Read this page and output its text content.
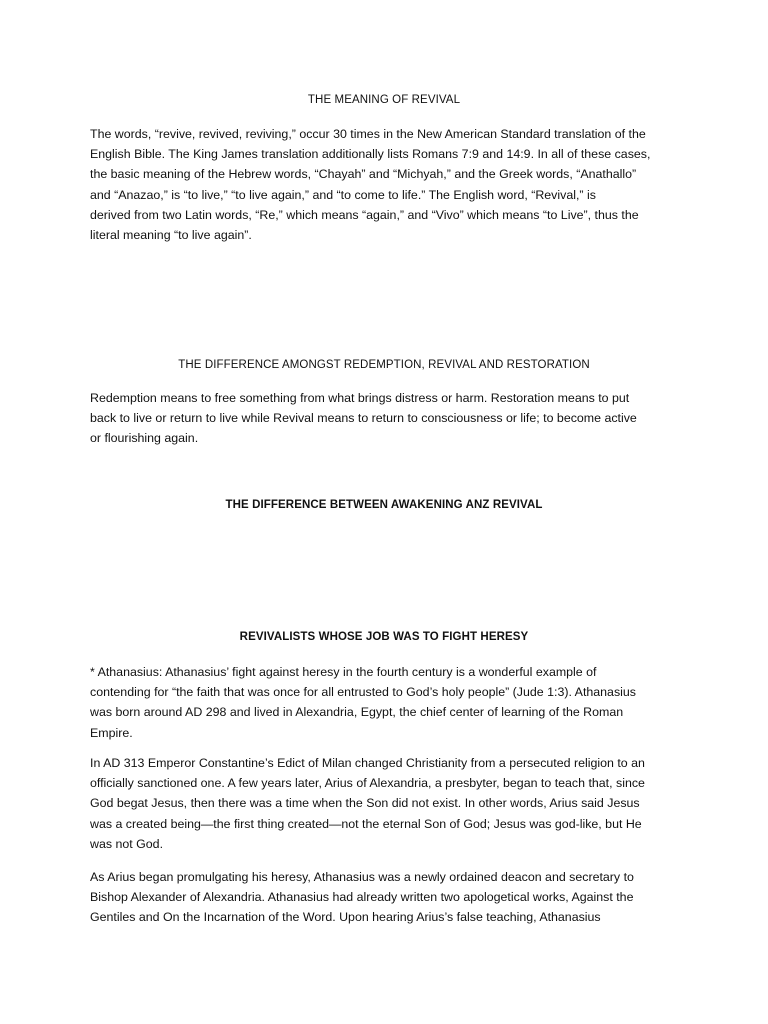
THE MEANING OF REVIVAL
The words, “revive, revived, reviving,” occur 30 times in the New American Standard translation of the
English Bible. The King James translation additionally lists Romans 7:9 and 14:9. In all of these cases,
the basic meaning of the Hebrew words, “Chayah” and “Michyah,” and the Greek words, “Anathallo”
and “Anazao,” is “to live,” “to live again,” and “to come to life.” The English word, “Revival,” is
derived from two Latin words, “Re,” which means “again,” and “Vivo” which means “to Live”, thus the
literal meaning “to live again”.
THE DIFFERENCE AMONGST REDEMPTION, REVIVAL AND RESTORATION
Redemption means to free something from what brings distress or harm. Restoration means to put
back to live or return to live while Revival means to return to consciousness or life; to become active
or flourishing again.
THE DIFFERENCE BETWEEN AWAKENING ANZ REVIVAL
REVIVALISTS WHOSE JOB WAS TO FIGHT HERESY
* Athanasius: Athanasius’ fight against heresy in the fourth century is a wonderful example of
contending for “the faith that was once for all entrusted to God’s holy people” (Jude 1:3). Athanasius
was born around AD 298 and lived in Alexandria, Egypt, the chief center of learning of the Roman
Empire.
In AD 313 Emperor Constantine’s Edict of Milan changed Christianity from a persecuted religion to an
officially sanctioned one. A few years later, Arius of Alexandria, a presbyter, began to teach that, since
God begat Jesus, then there was a time when the Son did not exist. In other words, Arius said Jesus
was a created being—the first thing created—not the eternal Son of God; Jesus was god-like, but He
was not God.
As Arius began promulgating his heresy, Athanasius was a newly ordained deacon and secretary to
Bishop Alexander of Alexandria. Athanasius had already written two apologetical works, Against the
Gentiles and On the Incarnation of the Word. Upon hearing Arius’s false teaching, Athanasius
